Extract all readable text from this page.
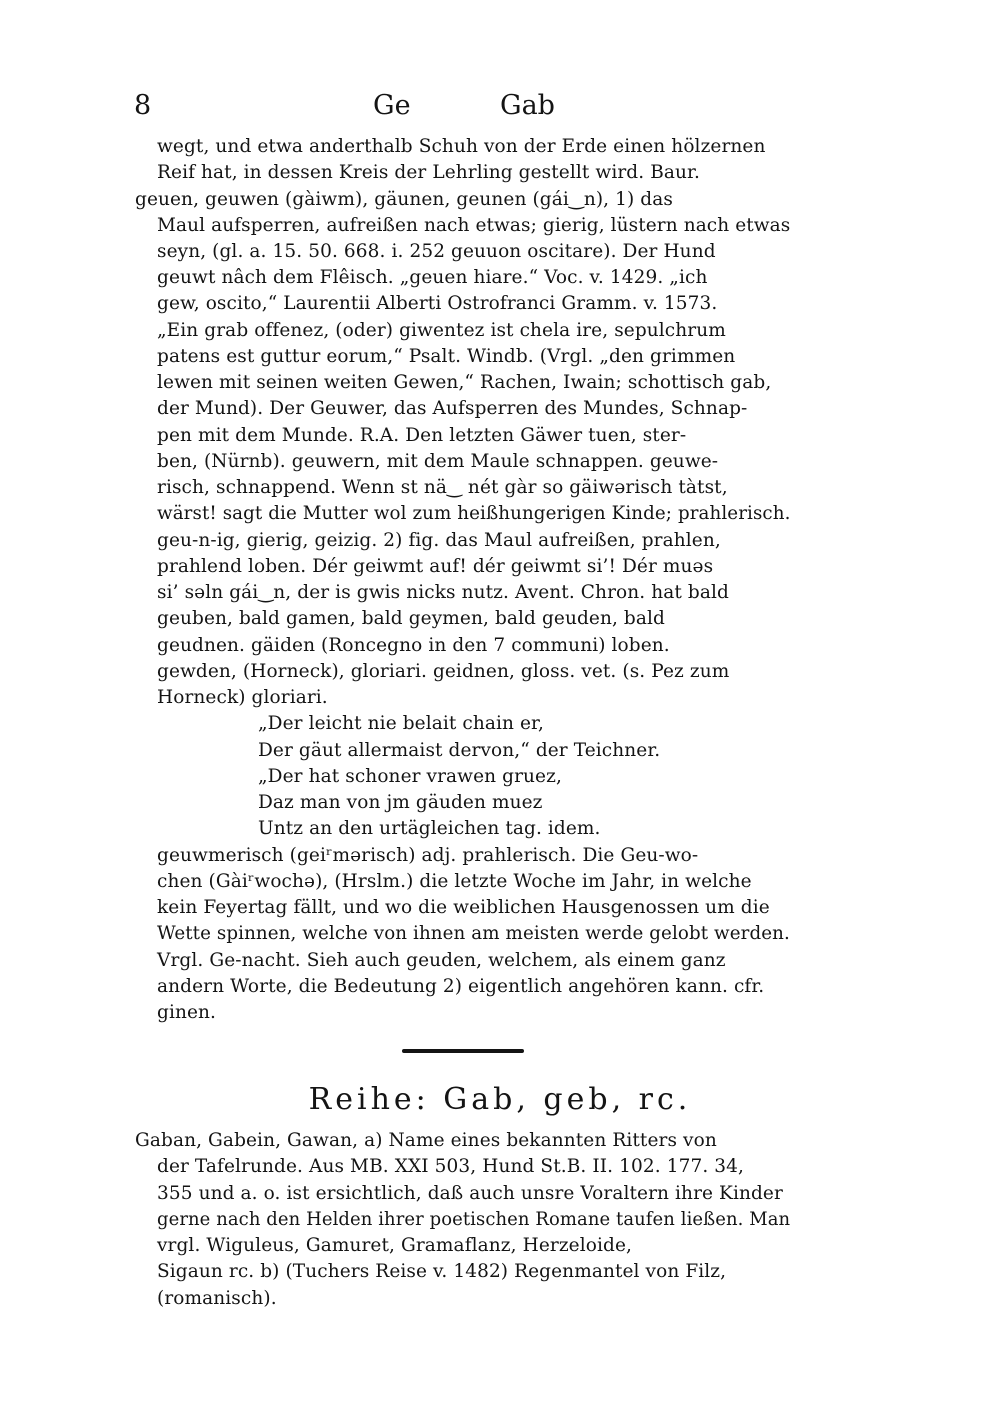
8	Ge	Gab
wegt, und etwa anderthalb Schuh von der Erde einen hölzernen
Reif hat, in dessen Kreis der Lehrling gestellt wird. Baur.
geuen, geuwen (gàiwm), gäunen, geunen (gái‿n), 1) das
Maul aufsperren, aufreißen nach etwas; gierig, lüstern nach etwas
seyn, (gl. a. 15. 50. 668. i. 252 geuuon oscitare). Der Hund
geuwt nâch dem Flêisch. „geuen hiare.“ Voc. v. 1429. „ich
gew, oscito,“ Laurentii Alberti Ostrofranci Gramm. v. 1573.
„Ein grab offenez, (oder) giwentez ist chela ire, sepulchrum
patens est guttur eorum,“ Psalt. Windb. (Vrgl. „den grimmen
lewen mit seinen weiten Gewen,“ Rachen, Iwain; schottisch gab,
der Mund). Der Geuwer, das Aufsperren des Mundes, Schnap-
pen mit dem Munde. R.A. Den letzten Gäwer tuen, ster-
ben, (Nürnb). geuwern, mit dem Maule schnappen. geuwe-
risch, schnappend. Wenn st nä‿ nét gàr so gäiwərisch tàtst,
wärst! sagt die Mutter wol zum heißhungerigen Kinde; prahlerisch.
geu-n-ig, gierig, geizig. 2) fig. das Maul aufreißen, prahlen,
prahlend loben. Dér geiwmt auf! dér geiwmt si’! Dér muəs
si’ səln gái‿n, der is gwis nicks nutz. Avent. Chron. hat bald
geuben, bald gamen, bald geymen, bald geuden, bald
geudnen. gäiden (Roncegno in den 7 communi) loben.
gewden, (Horneck), gloriari. geidnen, gloss. vet. (s. Pez zum
Horneck) gloriari.
„Der leicht nie belait chain er,
Der gäut allermaist dervon,“ der Teichner.
„Der hat schoner vrawen gruez,
Daz man von jm gäuden muez
Untz an den urtägleichen tag. idem.
geuwmerisch (geiʳmərisch) adj. prahlerisch. Die Geu-wo-
chen (Gàiʳwochə), (Hrslm.) die letzte Woche im Jahr, in welche
kein Feyertag fällt, und wo die weiblichen Hausgenossen um die
Wette spinnen, welche von ihnen am meisten werde gelobt werden.
Vrgl. Ge-nacht. Sieh auch geuden, welchem, als einem ganz
andern Worte, die Bedeutung 2) eigentlich angehören kann. cfr.
ginen.
Reihe: Gab, geb, rc.
Gaban, Gabein, Gawan, a) Name eines bekannten Ritters von
der Tafelrunde. Aus MB. XXI 503, Hund St.B. II. 102. 177. 34,
355 und a. o. ist ersichtlich, daß auch unsre Voraltern ihre Kinder
gerne nach den Helden ihrer poetischen Romane taufen ließen. Man
vrgl. Wiguleus, Gamuret, Gramaflanz, Herzeloide,
Sigaun rc. b) (Tuchers Reise v. 1482) Regenmantel von Filz,
(romanisch).
